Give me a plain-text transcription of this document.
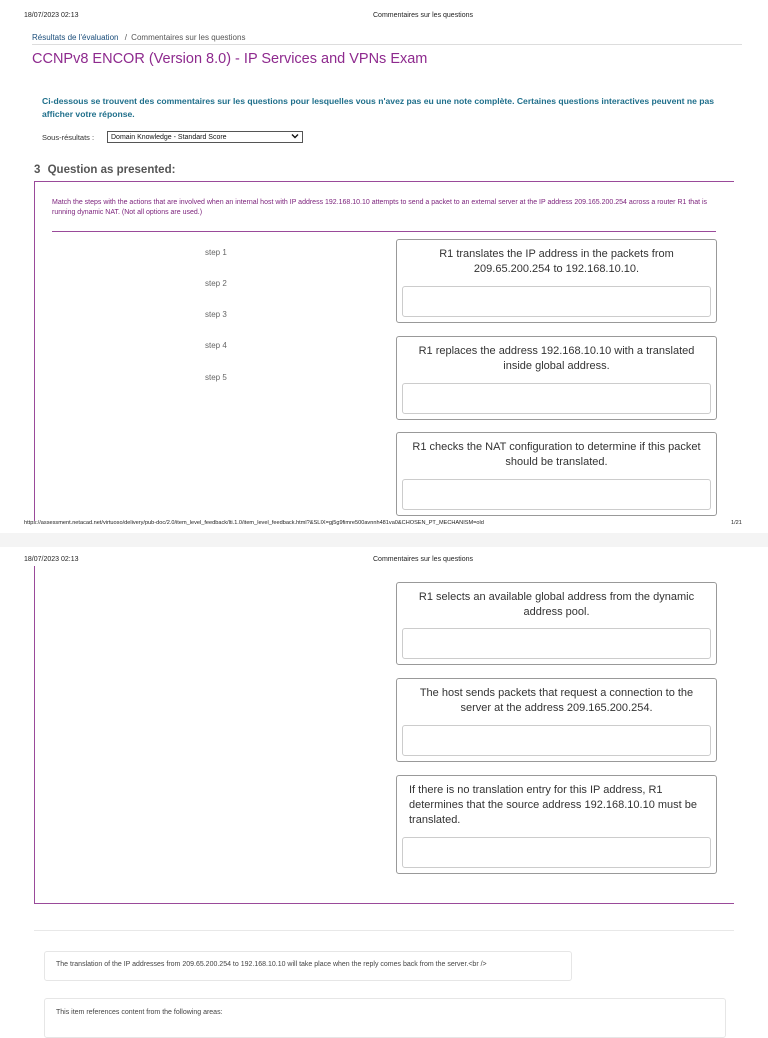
18/07/2023 02:13	Commentaires sur les questions
Résultats de l'évaluation / Commentaires sur les questions
CCNPv8 ENCOR (Version 8.0) - IP Services and VPNs Exam
Ci-dessous se trouvent des commentaires sur les questions pour lesquelles vous n'avez pas eu une note complète. Certaines questions interactives peuvent ne pas afficher votre réponse.
Sous-résultats :	Domain Knowledge - Standard Score
3 Question as presented:
Match the steps with the actions that are involved when an internal host with IP address 192.168.10.10 attempts to send a packet to an external server at the IP address 209.165.200.254 across a router R1 that is running dynamic NAT. (Not all options are used.)
step 1
step 2
step 3
step 4
step 5
R1 translates the IP address in the packets from 209.65.200.254 to 192.168.10.10.
R1 replaces the address 192.168.10.10 with a translated inside global address.
R1 checks the NAT configuration to determine if this packet should be translated.
https://assessment.netacad.net/virtuoso/delivery/pub-doc/2.0/item_level_feedback/lti.1.0/item_level_feedback.html?&SLIX=gj5g9fimre500avnnh481va0&CHOSEN_PT_MECHANISM=old	1/21
18/07/2023 02:13	Commentaires sur les questions
R1 selects an available global address from the dynamic address pool.
The host sends packets that request a connection to the server at the address 209.165.200.254.
If there is no translation entry for this IP address, R1 determines that the source address 192.168.10.10 must be translated.
The translation of the IP addresses from 209.65.200.254 to 192.168.10.10 will take place when the reply comes back from the server.<br />
This item references content from the following areas:
